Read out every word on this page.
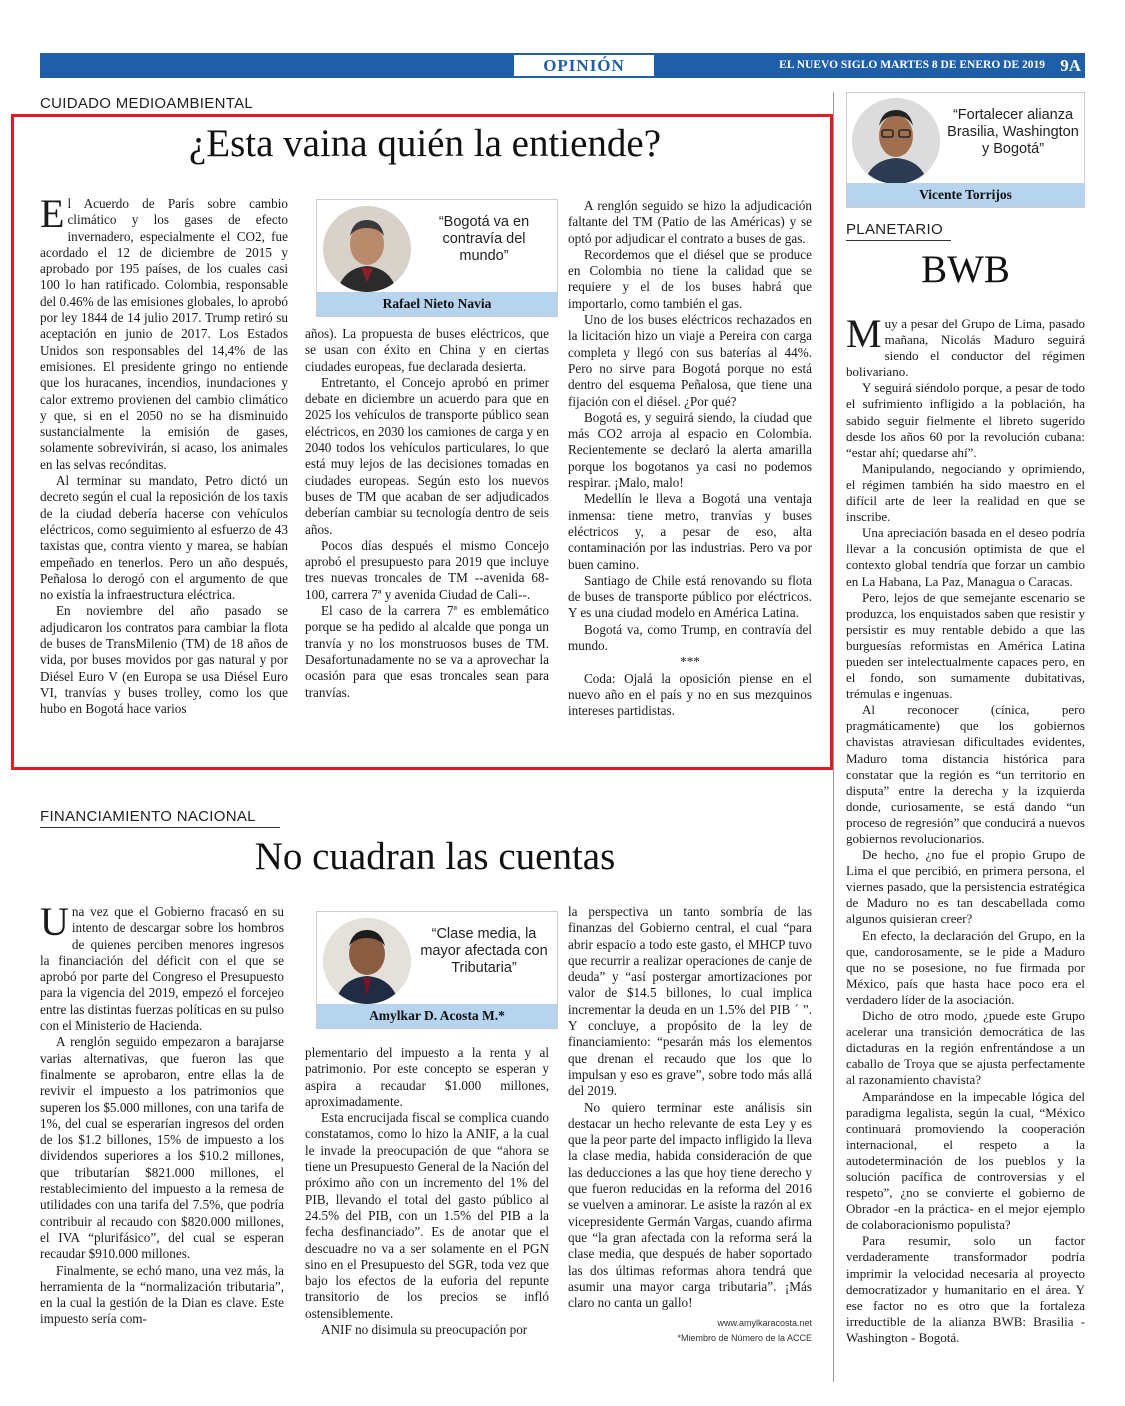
OPINIÓN	EL NUEVO SIGLO MARTES 8 DE ENERO DE 2019 9A
CUIDADO MEDIOAMBIENTAL
¿Esta vaina quién la entiende?

El Acuerdo de París sobre cambio climático y los gases de efecto invernadero, especialmente el CO2, fue acordado el 12 de diciembre de 2015 y aprobado por 195 países, de los cuales casi 100 lo han ratificado. Colombia, responsable del 0.46% de las emisiones globales, lo aprobó por ley 1844 de 14 julio 2017. Trump retiró su aceptación en junio de 2017. Los Estados Unidos son responsables del 14,4% de las emisiones. El presidente gringo no entiende que los huracanes, incendios, inundaciones y calor extremo provienen del cambio climático y que, si en el 2050 no se ha disminuido sustancialmente la emisión de gases, solamente sobrevivirán, si acaso, los animales en las selvas recónditas.

Al terminar su mandato, Petro dictó un decreto según el cual la reposición de los taxis de la ciudad debería hacerse con vehículos eléctricos, como seguimiento al esfuerzo de 43 taxistas que, contra viento y marea, se habían empeñado en tenerlos. Pero un año después, Peñalosa lo derogó con el argumento de que no existía la infraestructura eléctrica.

En noviembre del año pasado se adjudicaron los contratos para cambiar la flota de buses de TransMilenio (TM) de 18 años de vida, por buses movidos por gas natural y por Diésel Euro V (en Europa se usa Diésel Euro VI, tranvías y buses trolley, como los que hubo en Bogotá hace varios

“Bogotá va en contravía del mundo”
Rafael Nieto Navia

años). La propuesta de buses eléctricos, que se usan con éxito en China y en ciertas ciudades europeas, fue declarada desierta.

Entretanto, el Concejo aprobó en primer debate en diciembre un acuerdo para que en 2025 los vehículos de transporte público sean eléctricos, en 2030 los camiones de carga y en 2040 todos los vehículos particulares, lo que está muy lejos de las decisiones tomadas en ciudades europeas. Según esto los nuevos buses de TM que acaban de ser adjudicados deberían cambiar su tecnología dentro de seis años.

Pocos días después el mismo Concejo aprobó el presupuesto para 2019 que incluye tres nuevas troncales de TM --avenida 68-100, carrera 7ª y avenida Ciudad de Cali--.

El caso de la carrera 7ª es emblemático porque se ha pedido al alcalde que ponga un tranvía y no los monstruosos buses de TM. Desafortunadamente no se va a aprovechar la ocasión para que esas troncales sean para tranvías.

A renglón seguido se hizo la adjudicación faltante del TM (Patio de las Américas) y se optó por adjudicar el contrato a buses de gas.

Recordemos que el diésel que se produce en Colombia no tiene la calidad que se requiere y el de los buses habrá que importarlo, como también el gas.

Uno de los buses eléctricos rechazados en la licitación hizo un viaje a Pereira con carga completa y llegó con sus baterías al 44%. Pero no sirve para Bogotá porque no está dentro del esquema Peñalosa, que tiene una fijación con el diésel. ¿Por qué?

Bogotá es, y seguirá siendo, la ciudad que más CO2 arroja al espacio en Colombia. Recientemente se declaró la alerta amarilla porque los bogotanos ya casi no podemos respirar. ¡Malo, malo!

Medellín le lleva a Bogotá una ventaja inmensa: tiene metro, tranvías y buses eléctricos y, a pesar de eso, alta contaminación por las industrias. Pero va por buen camino.

Santiago de Chile está renovando su flota de buses de transporte público por eléctricos. Y es una ciudad modelo en América Latina.

Bogotá va, como Trump, en contravía del mundo.

***

Coda: Ojalá la oposición piense en el nuevo año en el país y no en sus mezquinos intereses partidistas.

FINANCIAMIENTO NACIONAL
No cuadran las cuentas

Una vez que el Gobierno fracasó en su intento de descargar sobre los hombros de quienes perciben menores ingresos la financiación del déficit con el que se aprobó por parte del Congreso el Presupuesto para la vigencia del 2019, empezó el forcejeo entre las distintas fuerzas políticas en su pulso con el Ministerio de Hacienda.

A renglón seguido empezaron a barajarse varias alternativas, que fueron las que finalmente se aprobaron, entre ellas la de revivir el impuesto a los patrimonios que superen los $5.000 millones, con una tarifa de 1%, del cual se esperarían ingresos del orden de los $1.2 billones, 15% de impuesto a los dividendos superiores a los $10.2 millones, que tributarían $821.000 millones, el restablecimiento del impuesto a la remesa de utilidades con una tarifa del 7.5%, que podría contribuir al recaudo con $820.000 millones, el IVA “plurifásico”, del cual se esperan recaudar $910.000 millones.

Finalmente, se echó mano, una vez más, la herramienta de la “normalización tributaria”, en la cual la gestión de la Dian es clave. Este impuesto sería com-

“Clase media, la mayor afectada con Tributaria”
Amylkar D. Acosta M.*

plementario del impuesto a la renta y al patrimonio. Por este concepto se esperan y aspira a recaudar $1.000 millones, aproximadamente.

Esta encrucijada fiscal se complica cuando constatamos, como lo hizo la ANIF, a la cual le invade la preocupación de que “ahora se tiene un Presupuesto General de la Nación del próximo año con un incremento del 1% del PIB, llevando el total del gasto público al 24.5% del PIB, con un 1.5% del PIB a la fecha desfinanciado”. Es de anotar que el descuadre no va a ser solamente en el PGN sino en el Presupuesto del SGR, toda vez que bajo los efectos de la euforia del repunte transitorio de los precios se infló ostensiblemente.

ANIF no disimula su preocupación por

la perspectiva un tanto sombría de las finanzas del Gobierno central, el cual “para abrir espacio a todo este gasto, el MHCP tuvo que recurrir a realizar operaciones de canje de deuda” y “así postergar amortizaciones por valor de $14.5 billones, lo cual implica incrementar la deuda en un 1.5% del PIB ´ ”. Y concluye, a propósito de la ley de financiamiento: “pesarán más los elementos que drenan el recaudo que los que lo impulsan y eso es grave”, sobre todo más allá del 2019.

No quiero terminar este análisis sin destacar un hecho relevante de esta Ley y es que la peor parte del impacto infligido la lleva la clase media, habida consideración de que las deducciones a las que hoy tiene derecho y que fueron reducidas en la reforma del 2016 se vuelven a aminorar. Le asiste la razón al ex vicepresidente Germán Vargas, cuando afirma que “la gran afectada con la reforma será la clase media, que después de haber soportado las dos últimas reformas ahora tendrá que asumir una mayor carga tributaria”. ¡Más claro no canta un gallo!

www.amylkaracosta.net
*Miembro de Número de la ACCE
“Fortalecer alianza Brasilia, Washington y Bogotá”
Vicente Torrijos
PLANETARIO
BWB

Muy a pesar del Grupo de Lima, pasado mañana, Nicolás Maduro seguirá siendo el conductor del régimen bolivariano.

Y seguirá siéndolo porque, a pesar de todo el sufrimiento infligido a la población, ha sabido seguir fielmente el libreto sugerido desde los años 60 por la revolución cubana: “estar ahí; quedarse ahí”.

Manipulando, negociando y oprimiendo, el régimen también ha sido maestro en el difícil arte de leer la realidad en que se inscribe.

Una apreciación basada en el deseo podría llevar a la concusión optimista de que el contexto global tendría que forzar un cambio en La Habana, La Paz, Managua o Caracas.

Pero, lejos de que semejante escenario se produzca, los enquistados saben que resistir y persistir es muy rentable debido a que las burguesías reformistas en América Latina pueden ser intelectualmente capaces pero, en el fondo, son sumamente dubitativas, trémulas e ingenuas.

Al reconocer (cínica, pero pragmáticamente) que los gobiernos chavistas atraviesan dificultades evidentes, Maduro toma distancia histórica para constatar que la región es “un territorio en disputa” entre la derecha y la izquierda donde, curiosamente, se está dando “un proceso de regresión” que conducirá a nuevos gobiernos revolucionarios.

De hecho, ¿no fue el propio Grupo de Lima el que percibió, en primera persona, el viernes pasado, que la persistencia estratégica de Maduro no es tan descabellada como algunos quisieran creer?

En efecto, la declaración del Grupo, en la que, candorosamente, se le pide a Maduro que no se posesione, no fue firmada por México, país que hasta hace poco era el verdadero líder de la asociación.

Dicho de otro modo, ¿puede este Grupo acelerar una transición democrática de las dictaduras en la región enfrentándose a un caballo de Troya que se ajusta perfectamente al razonamiento chavista?

Amparándose en la impecable lógica del paradigma legalista, según la cual, “México continuará promoviendo la cooperación internacional, el respeto a la autodeterminación de los pueblos y la solución pacífica de controversias y el respeto”, ¿no se convierte el gobierno de Obrador -en la práctica- en el mejor ejemplo de colaboracionismo populista?

Para resumir, solo un factor verdaderamente transformador podría imprimir la velocidad necesaria al proyecto democratizador y humanitario en el área. Y ese factor no es otro que la fortaleza irreductible de la alianza BWB: Brasilia - Washington - Bogotá.
